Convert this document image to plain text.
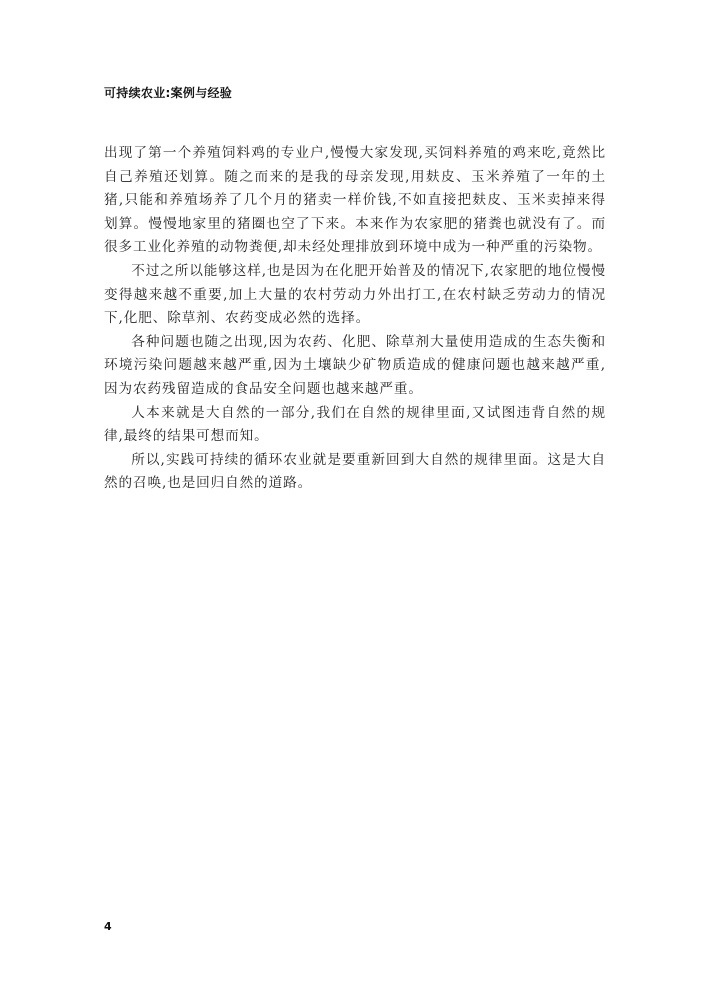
可持续农业:案例与经验

出现了第一个养殖饲料鸡的专业户,慢慢大家发现,买饲料养殖的鸡来吃,竟然比自己养殖还划算。随之而来的是我的母亲发现,用麸皮、玉米养殖了一年的土猪,只能和养殖场养了几个月的猪卖一样价钱,不如直接把麸皮、玉米卖掉来得划算。慢慢地家里的猪圈也空了下来。本来作为农家肥的猪粪也就没有了。而很多工业化养殖的动物粪便,却未经处理排放到环境中成为一种严重的污染物。

不过之所以能够这样,也是因为在化肥开始普及的情况下,农家肥的地位慢慢变得越来越不重要,加上大量的农村劳动力外出打工,在农村缺乏劳动力的情况下,化肥、除草剂、农药变成必然的选择。

各种问题也随之出现,因为农药、化肥、除草剂大量使用造成的生态失衡和环境污染问题越来越严重,因为土壤缺少矿物质造成的健康问题也越来越严重,因为农药残留造成的食品安全问题也越来越严重。

人本来就是大自然的一部分,我们在自然的规律里面,又试图违背自然的规律,最终的结果可想而知。

所以,实践可持续的循环农业就是要重新回到大自然的规律里面。这是大自然的召唤,也是回归自然的道路。

4
